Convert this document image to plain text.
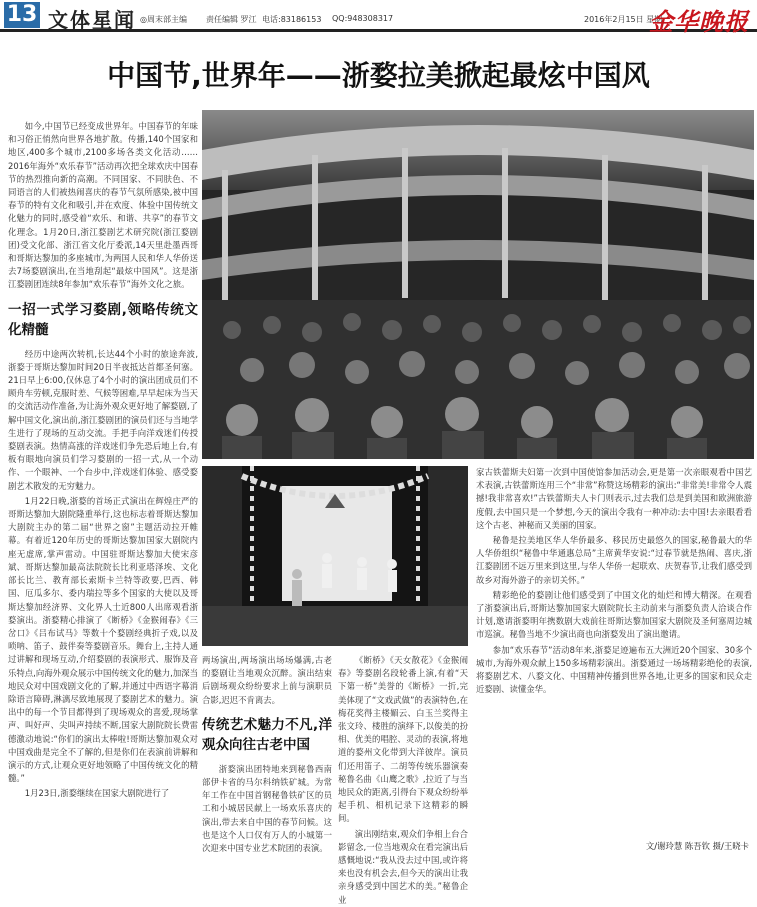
13 文体星闻 ◎周末部主编 责任编辑 罗江 电话:83186153 QQ:948308317	2016年2月15日 星期一
金华晚报
中国节,世界年——浙婺拉美掀起最炫中国风

如今,中国节已经变成世界年。中国春节的年味和习俗正悄然向世界各地扩散。传播,140个国家和地区,400多个城市,2100多场各类文化活动……2016年海外“欢乐春节”活动再次把全球欢庆中国春节的热烈推向新的高潮。不同国家、不同肤色、不同语言的人们被热闹喜庆的春节气氛所感染,被中国春节的特有文化和吸引,并在欢度、体验中国传统文化魅力的同时,感受着“欢乐、和谐、共享”的春节文化理念。1月20日,浙江婺剧艺术研究院(浙江婺剧团)受文化部、浙江省文化厅委派,14天里赴墨西哥和哥斯达黎加的多座城市,为两国人民和华人华侨送去7场婺剧演出,在当地刮起“最炫中国风”。这是浙江婺剧团连续8年参加“欢乐春节”海外文化之旅。

一招一式学习婺剧,领略传统文化精髓

经历中途两次转机,长达44个小时的旅途奔波,浙婺于哥斯达黎加时间20日半夜抵达首都圣何塞。21日早上6:00,仅休息了4个小时的演出团成员们不顾舟车劳顿,克服时差、气候等困难,早早起床为当天的交流活动作准备,为让海外观众更好地了解婺剧,了解中国文化,演出前,浙江婺剧团的演员们还与当地学生进行了现场的互动交流。手把手向洋戏迷们传授婺剧表演。热情高涨的洋戏迷们争先恐后地上台,有板有眼地向演员们学习婺剧的一招一式,从一个动作、一个眼神、一个台步中,洋戏迷们体验、感受婺剧艺术散发的无穷魅力。

1月22日晚,浙婺的首场正式演出在辉煌庄严的哥斯达黎加大剧院隆重举行,这也标志着哥斯达黎加大剧院主办的第二届“世界之窗”主题活动拉开帷幕。有着近120年历史的哥斯达黎加国家大剧院内座无虚席,掌声雷动。中国驻哥斯达黎加大使宋彦斌、哥斯达黎加最高法院院长比利亚塔泽埃、文化部长比兰、教育部长索斯卡兰特等政要,巴西、韩国、厄瓜多尔、委内瑞拉等多个国家的大使以及哥斯达黎加经济界、文化界人士近800人出席观看浙婺演出。浙婺精心排演了《断桥》《金猴闹春》《三岔口》《吕布试马》等数十个婺剧经典折子戏,以及唢呐、笛子、鼓伴奏等婺剧音乐。舞台上,主持人通过讲解和现场互动,介绍婺剧的表演形式、服饰及音乐特点,向海外观众展示中国传统文化的魅力,加深当地民众对中国戏剧文化的了解,并通过中西语字幕消除语言障碍,淋漓尽致地展现了婺剧艺术的魅力。演出中的每一个节目都得到了现场观众的喜爱,现场掌声、叫好声、尖叫声持续不断,国家大剧院院长费雷德激动地说:“你们的演出太棒啦!哥斯达黎加观众对中国戏曲是完全不了解的,但是你们在表演前讲解和演示的方式,让观众更好地领略了中国传统文化的精髓。”

1月23日,浙婺继续在国家大剧院进行了

两场演出,两场演出场场爆满,古老的婺剧让当地观众沉醉。演出结束后剧场观众纷纷要求上前与演职员合影,迟迟不肯离去。

传统艺术魅力不凡,洋观众向往古老中国

浙婺演出团特地来到秘鲁西南部伊卡省的马尔科纳铁矿城。为常年工作在中国首钢秘鲁铁矿区的员工和小城居民献上一场欢乐喜庆的演出,带去来自中国的春节问候。这也是这个人口仅有万人的小城第一次迎来中国专业艺术院团的表演。

《断桥》《天女散花》《金猴闹春》等婺剧名段轮番上演,有着“天下第一桥”美誉的《断桥》一折,完美体现了“文戏武做”的表演特色,在梅花奖得主楼媚云、白玉兰奖得主张文玲、楼胜的演绎下,以俊美的扮相、优美的唱腔、灵动的表演,将地道的婺州文化带到大洋彼岸。演员们还用笛子、二胡等传统乐器演奏秘鲁名曲《山鹰之歌》,拉近了与当地民众的距离,引得台下观众纷纷举起手机、相机记录下这精彩的瞬间。

演出刚结束,观众们争相上台合影留念,一位当地观众在看完演出后感慨地说:“我从没去过中国,或许将来也没有机会去,但今天的演出让我亲身感受到中国艺术的美。”秘鲁企业

家古铁蕾斯夫妇第一次到中国使馆参加活动会,更是第一次亲眼观看中国艺术表演,古铁蕾斯连用三个“非常”称赞这场精彩的演出:“非常美!非常令人震撼!我非常喜欢!”古铁蕾斯夫人卡门则表示,过去我们总是到美国和欧洲旅游度假,去中国只是一个梦想,今天的演出令我有一种冲动:去中国!去亲眼看看这个古老、神秘而又美丽的国家。

秘鲁是拉美地区华人华侨最多、移民历史最悠久的国家,秘鲁最大的华人华侨组织“秘鲁中华通惠总局”主席黄华安说:“过春节就是热闹、喜庆,浙江婺剧团不远万里来到这里,与华人华侨一起联欢、庆贺春节,让我们感受到故乡对海外游子的亲切关怀。”

精彩绝伦的婺剧让他们感受到了中国文化的灿烂和博大精深。在观看了浙婺演出后,哥斯达黎加国家大剧院院长主动前来与浙婺负责人洽谈合作计划,邀请浙婺明年携数剧大戏前往哥斯达黎加国家大剧院及圣何塞周边城市巡演。秘鲁当地不少演出商也向浙婺发出了演出邀请。

参加“欢乐春节”活动8年来,浙婺足迹遍布五大洲近20个国家、30多个城市,为海外观众献上150多场精彩演出。浙婺通过一场场精彩绝伦的表演,将婺剧艺术、八婺文化、中国精神传播到世界各地,让更多的国家和民众走近婺剧、读懂金华。

文/谢玲慧 陈吾钦 摄/王晓卡
